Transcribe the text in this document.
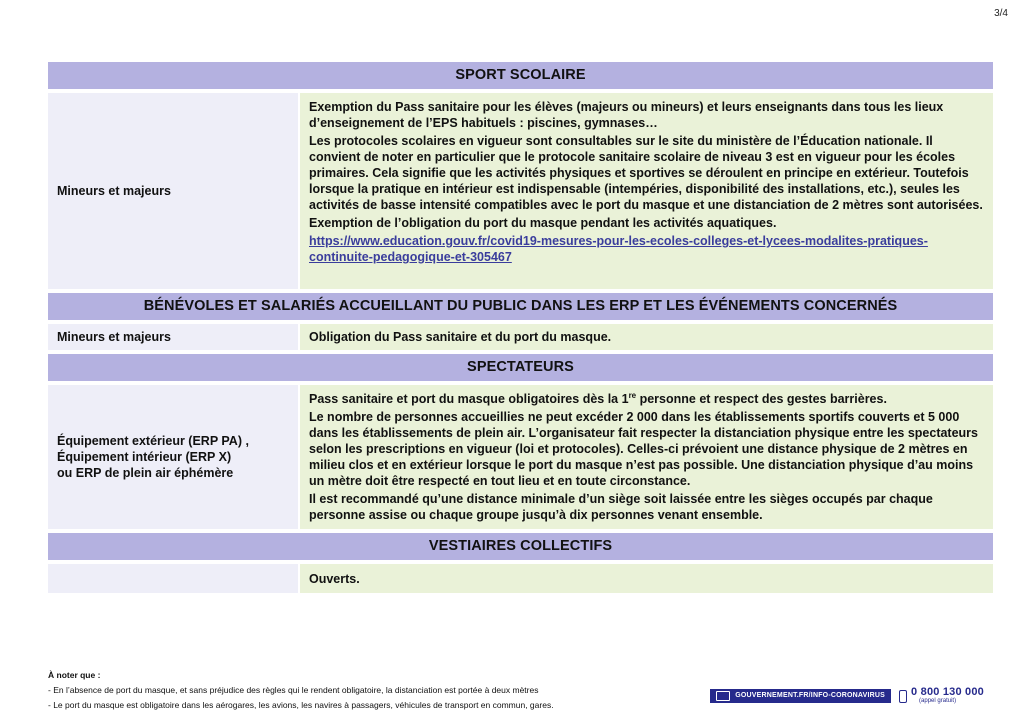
3/4
SPORT SCOLAIRE
Mineurs et majeurs

Exemption du Pass sanitaire pour les élèves (majeurs ou mineurs) et leurs enseignants dans tous les lieux d’enseignement de l’EPS habituels : piscines, gymnases…

Les protocoles scolaires en vigueur sont consultables sur le site du ministère de l’Éducation nationale. Il convient de noter en particulier que le protocole sanitaire scolaire de niveau 3 est en vigueur pour les écoles primaires. Cela signifie que les activités physiques et sportives se déroulent en principe en extérieur. Toutefois lorsque la pratique en intérieur est indispensable (intempéries, disponibilité des installations, etc.), seules les activités de basse intensité compatibles avec le port du masque et une distanciation de 2 mètres sont autorisées.

Exemption de l’obligation du port du masque pendant les activités aquatiques.

https://www.education.gouv.fr/covid19-mesures-pour-les-ecoles-colleges-et-lycees-modalites-pratiques-continuite-pedagogique-et-305467

BÉNÉVOLES ET SALARIÉS ACCUEILLANT DU PUBLIC DANS LES ERP ET LES ÉVÉNEMENTS CONCERNÉS
Mineurs et majeurs	Obligation du Pass sanitaire et du port du masque.
SPECTATEURS
Équipement extérieur (ERP PA) ,
Équipement intérieur (ERP X)
ou ERP de plein air éphémère

Pass sanitaire et port du masque obligatoires dès la 1re personne et respect des gestes barrières.

Le nombre de personnes accueillies ne peut excéder 2 000 dans les établissements sportifs couverts et 5 000 dans les établissements de plein air. L’organisateur fait respecter la distanciation physique entre les spectateurs selon les prescriptions en vigueur (loi et protocoles). Celles-ci prévoient une distance physique de 2 mètres en milieu clos et en extérieur lorsque le port du masque n’est pas possible. Une distanciation physique d’au moins un mètre doit être respecté en tout lieu et en toute circonstance.

Il est recommandé qu’une distance minimale d’un siège soit laissée entre les sièges occupés par chaque personne assise ou chaque groupe jusqu’à dix personnes venant ensemble.

VESTIAIRES COLLECTIFS
Ouverts.
À noter que :
- En l’absence de port du masque, et sans préjudice des règles qui le rendent obligatoire, la distanciation est portée à deux mètres
- Le port du masque est obligatoire dans les aérogares, les avions, les navires à passagers, véhicules de transport en commun, gares.
GOUVERNEMENT.FR/INFO-CORONAVIRUS 0 800 130 000
(appel gratuit)
